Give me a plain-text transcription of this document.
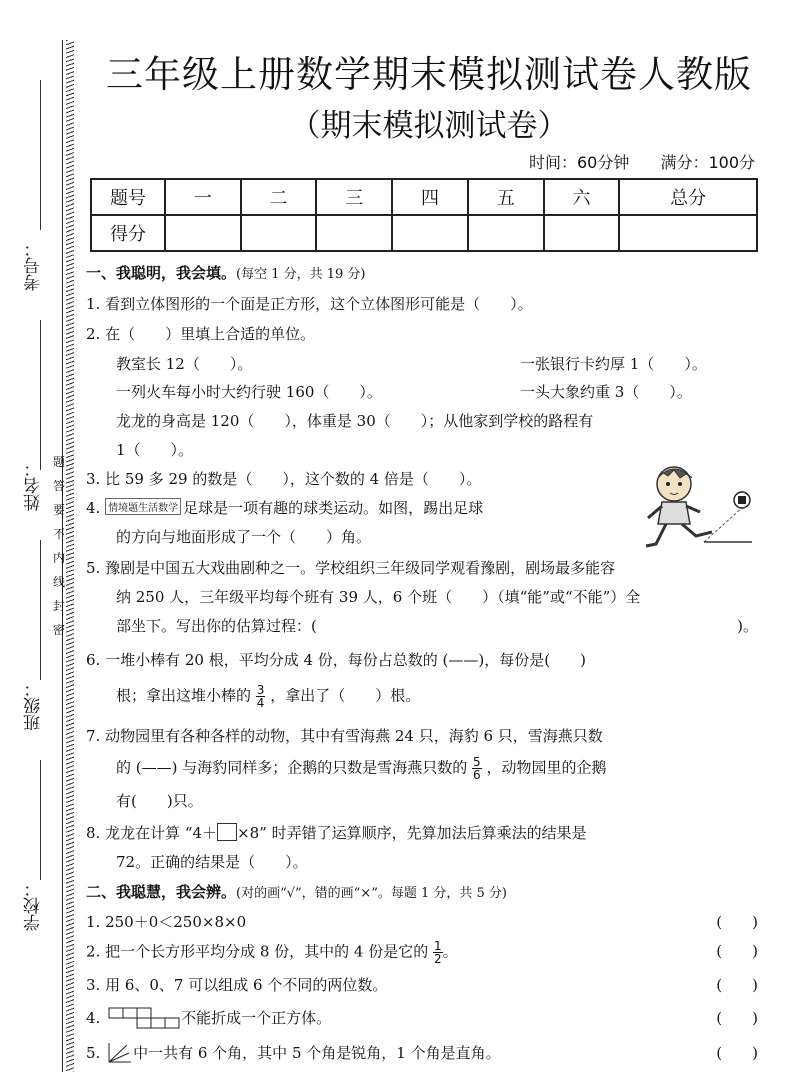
考号：
姓名：
班级：
学校：
题
答
要
不
内
线
封
密
三年级上册数学期末模拟测试卷人教版
（期末模拟测试卷）
时间：60分钟 满分：100分
题号	一	二	三	四	五	六	总分
得分							
一、我聪明，我会填。(每空 1 分，共 19 分)
1. 看到立体图形的一个面是正方形，这个立体图形可能是（　　）。
2. 在（　　）里填上合适的单位。
教室长 12（　　）。	一张银行卡约厚 1（　　）。
一列火车每小时大约行驶 160（　　）。	一头大象约重 3（　　）。
龙龙的身高是 120（　　），体重是 30（　　）；从他家到学校的路程有
1（　　）。
3. 比 59 多 29 的数是（　　），这个数的 4 倍是（　　）。
4. 情境题生活数学 足球是一项有趣的球类运动。如图，踢出足球
的方向与地面形成了一个（　　）角。
5. 豫剧是中国五大戏曲剧种之一。学校组织三年级同学观看豫剧，剧场最多能容
纳 250 人，三年级平均每个班有 39 人，6 个班（　　）（填“能”或“不能”）全
部坐下。写出你的估算过程：(	)。
6. 一堆小棒有 20 根，平均分成 4 份，每份占总数的 (——)，每份是(　　)
根；拿出这堆小棒的 $\frac{3}{4}$ ，拿出了（　　）根。
7. 动物园里有各种各样的动物，其中有雪海燕 24 只，海豹 6 只，雪海燕只数
的 (——) 与海豹同样多；企鹅的只数是雪海燕只数的 $\frac{5}{6}$ ，动物园里的企鹅
有(　　)只。
8. 龙龙在计算 “4＋ ×8” 时弄错了运算顺序，先算加法后算乘法的结果是
72。正确的结果是（　　）。
二、我聪慧，我会辨。(对的画“√”，错的画“×”。每题 1 分，共 5 分)
1. 250＋0＜250×8×0	(　　)
2. 把一个长方形平均分成 8 份，其中的 4 份是它的 $\frac{1}{2}$ 。	(　　)
3. 用 6、0、7 可以组成 6 个不同的两位数。	(　　)
4.	不能折成一个正方体。	(　　)
5. 中一共有 6 个角，其中 5 个角是锐角，1 个角是直角。	(　　)
